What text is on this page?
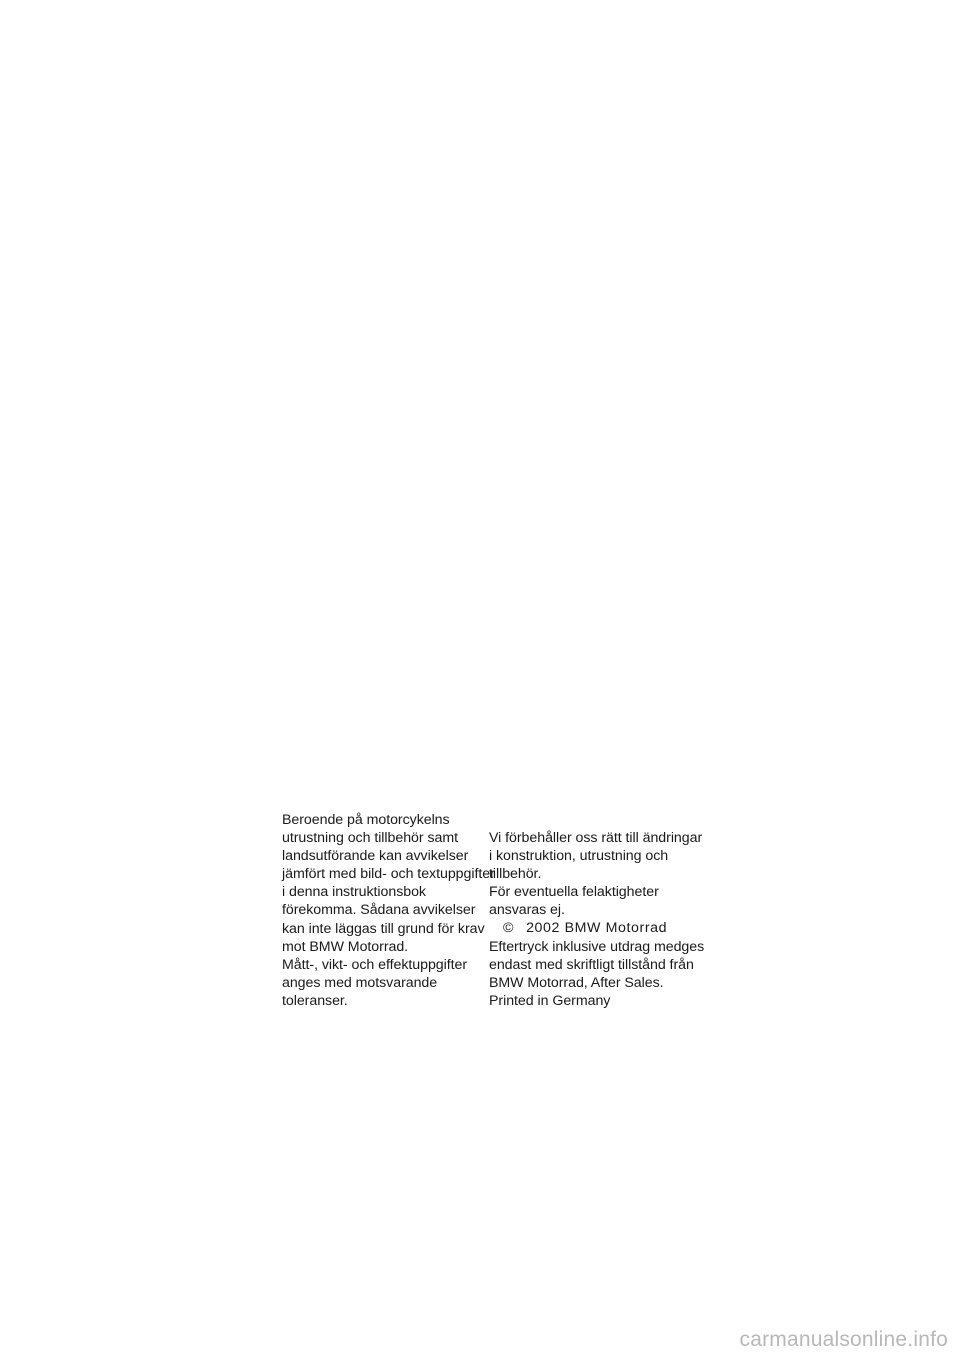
Beroende på motorcykelns
utrustning och tillbehör samt
landsutförande kan avvikelser
jämfört med bild- och textuppgifter
i denna instruktionsbok
förekomma. Sådana avvikelser
kan inte läggas till grund för krav
mot BMW Motorrad.
Mått-, vikt- och effektuppgifter
anges med motsvarande
toleranser.
Vi förbehåller oss rätt till ändringar
i konstruktion, utrustning och
tillbehör.
För eventuella felaktigheter
ansvaras ej.
© 2002 BMW Motorrad
Eftertryck inklusive utdrag medges
endast med skriftligt tillstånd från
BMW Motorrad, After Sales.
Printed in Germany
carmanualsonline.info
